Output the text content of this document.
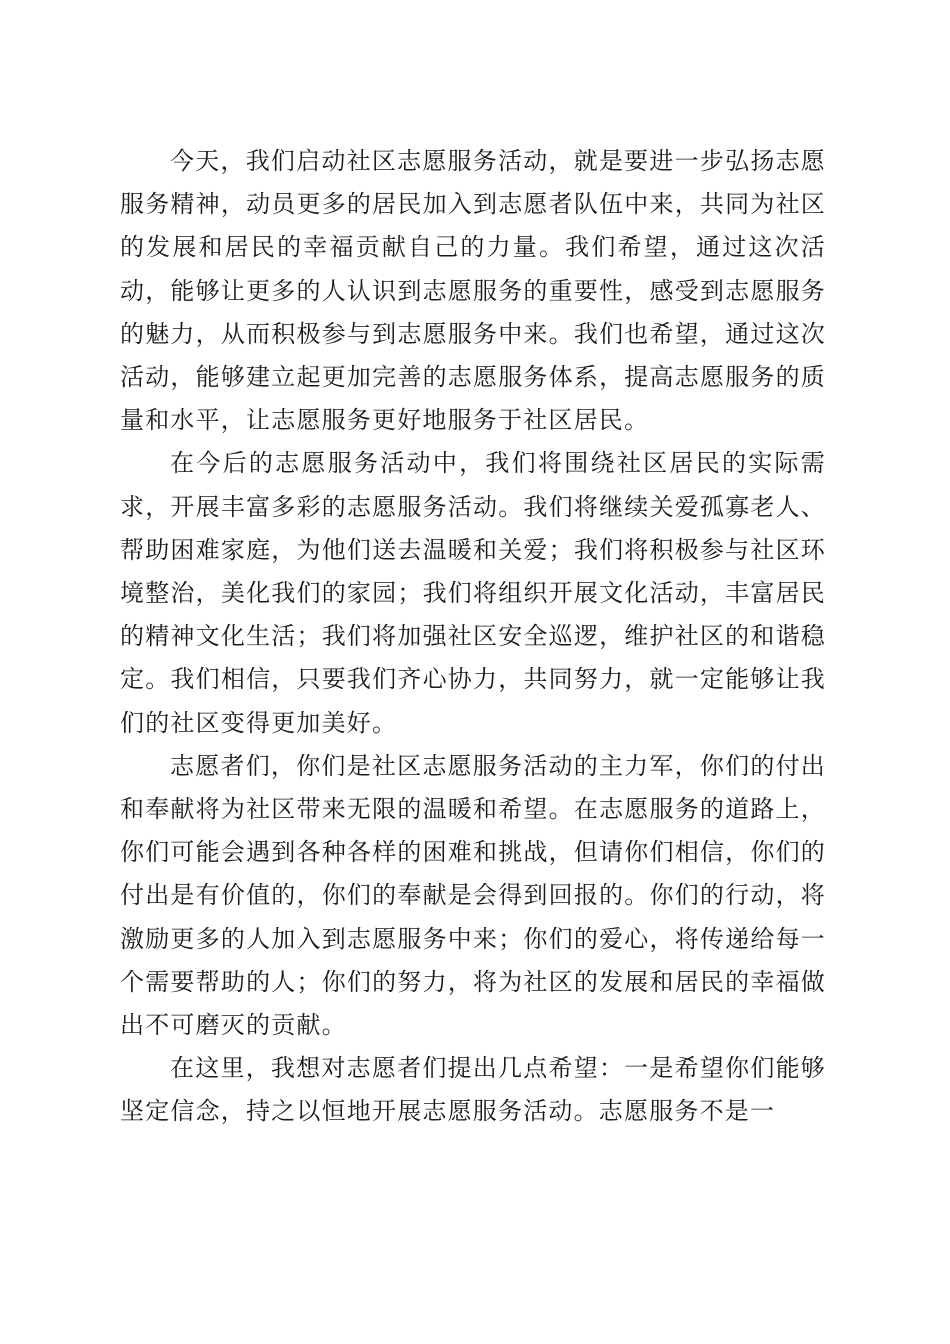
今天，我们启动社区志愿服务活动，就是要进一步弘扬志愿服务精神，动员更多的居民加入到志愿者队伍中来，共同为社区的发展和居民的幸福贡献自己的力量。我们希望，通过这次活动，能够让更多的人认识到志愿服务的重要性，感受到志愿服务的魅力，从而积极参与到志愿服务中来。我们也希望，通过这次活动，能够建立起更加完善的志愿服务体系，提高志愿服务的质量和水平，让志愿服务更好地服务于社区居民。

在今后的志愿服务活动中，我们将围绕社区居民的实际需求，开展丰富多彩的志愿服务活动。我们将继续关爱孤寡老人、帮助困难家庭，为他们送去温暖和关爱；我们将积极参与社区环境整治，美化我们的家园；我们将组织开展文化活动，丰富居民的精神文化生活；我们将加强社区安全巡逻，维护社区的和谐稳定。我们相信，只要我们齐心协力，共同努力，就一定能够让我们的社区变得更加美好。

志愿者们，你们是社区志愿服务活动的主力军，你们的付出和奉献将为社区带来无限的温暖和希望。在志愿服务的道路上，你们可能会遇到各种各样的困难和挑战，但请你们相信，你们的付出是有价值的，你们的奉献是会得到回报的。你们的行动，将激励更多的人加入到志愿服务中来；你们的爱心，将传递给每一个需要帮助的人；你们的努力，将为社区的发展和居民的幸福做出不可磨灭的贡献。

在这里，我想对志愿者们提出几点希望：一是希望你们能够坚定信念，持之以恒地开展志愿服务活动。志愿服务不是一
